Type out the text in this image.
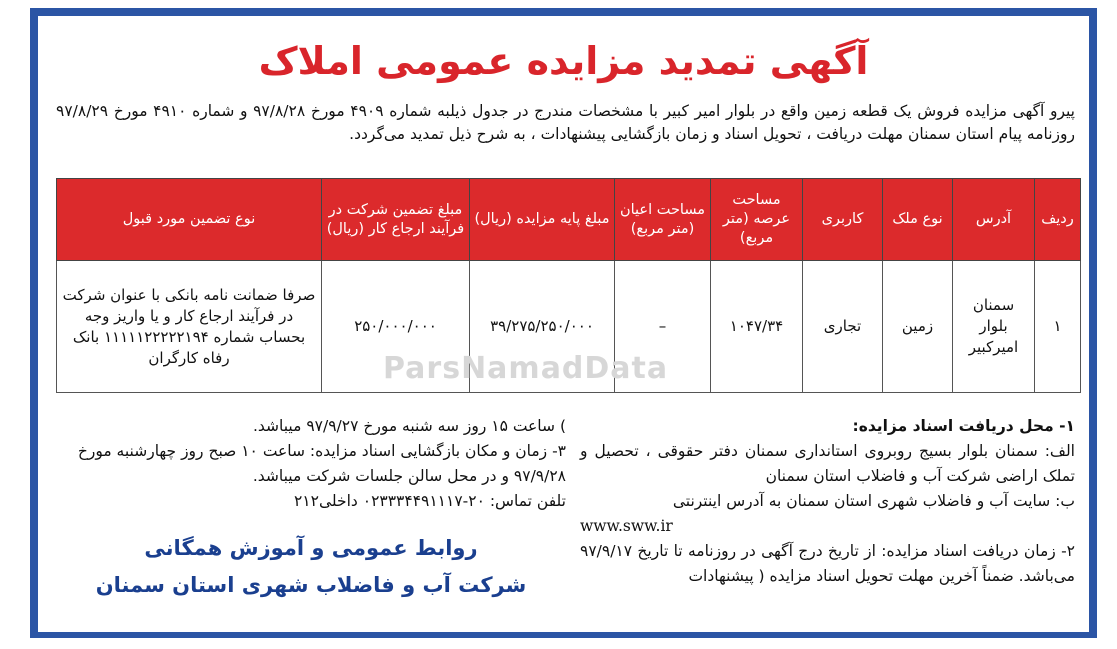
آگهی تمدید مزایده عمومی املاک
پیرو آگهی مزایده فروش یک قطعه زمین واقع در بلوار امیر کبیر با مشخصات مندرج در جدول ذیلبه شماره ۴۹۰۹ مورخ ۹۷/۸/۲۸ و شماره ۴۹۱۰ مورخ ۹۷/۸/۲۹ روزنامه پیام استان سمنان مهلت دریافت ، تحویل اسناد و زمان بازگشایی پیشنهادات ، به شرح ذیل تمدید می‌گردد.
ردیف	آدرس	نوع ملک	کاربری	مساحت عرصه (متر مربع)	مساحت اعیان (متر مربع)	مبلغ پایه مزایده (ریال)	مبلغ تضمین شرکت در فرآیند ارجاع کار (ریال)	نوع تضمین مورد قبول
۱	سمنان بلوار امیرکبیر	زمین	تجاری	۱۰۴۷/۳۴	–	۳۹/۲۷۵/۲۵۰/۰۰۰	۲۵۰/۰۰۰/۰۰۰	صرفا ضمانت نامه بانکی با عنوان شرکت در فرآیند ارجاع کار و یا واریز وجه بحساب شماره ۱۱۱۱۱۲۲۲۲۲۱۹۴ بانک رفاه کارگران	ParsNamadData
۱- محل دریافت اسناد مزایده:
الف: سمنان بلوار بسیج روبروی استانداری سمنان دفتر حقوقی ، تحصیل و تملک اراضی شرکت آب و فاضلاب استان سمنان
ب: سایت آب و فاضلاب شهری استان سمنان به آدرس اینترنتی
www.sww.ir
۲- زمان دریافت اسناد مزایده: از تاریخ درج آگهی در روزنامه تا تاریخ ۹۷/۹/۱۷ می‌باشد. ضمناً آخرین مهلت تحویل اسناد مزایده ( پیشنهادات
) ساعت ۱۵ روز سه شنبه مورخ ۹۷/۹/۲۷ میباشد.
۳- زمان و مکان بازگشایی اسناد مزایده: ساعت ۱۰ صبح روز چهارشنبه مورخ ۹۷/۹/۲۸ و در محل سالن جلسات شرکت میباشد.
تلفن تماس: ۲۰-۰۲۳۳۳۴۴۹۱۱۱۷ داخلی۲۱۲
روابط عمومی و آموزش همگانی
شرکت آب و فاضلاب شهری استان سمنان
